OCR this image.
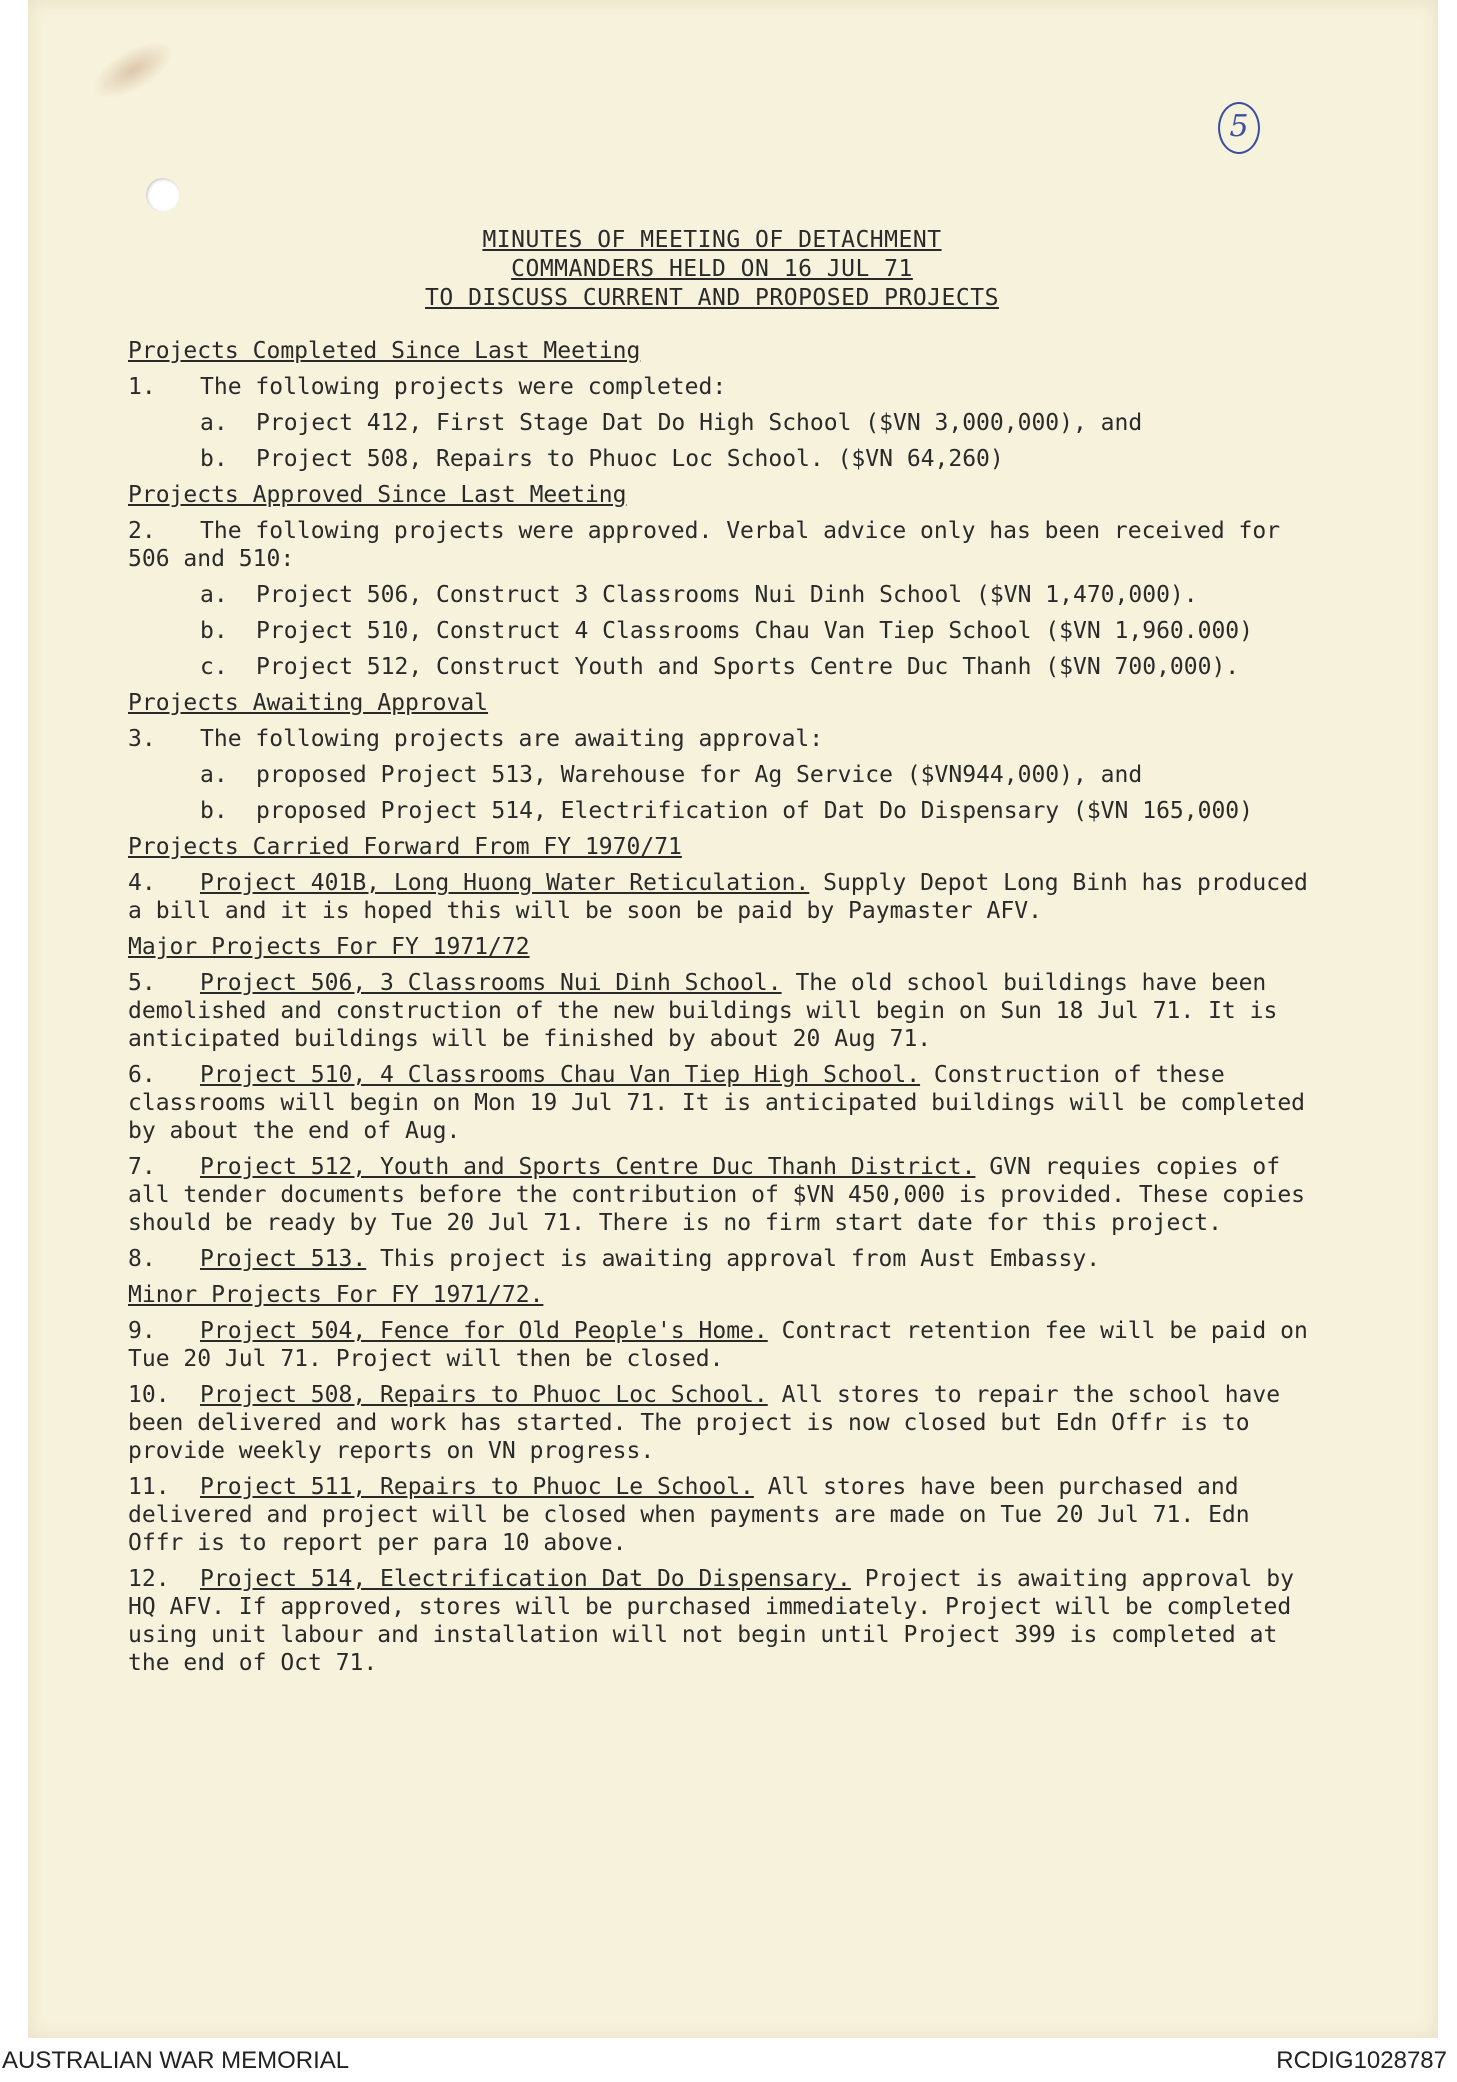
5
MINUTES OF MEETING OF DETACHMENT
COMMANDERS HELD ON 16 JUL 71
TO DISCUSS CURRENT AND PROPOSED PROJECTS
Projects Completed Since Last Meeting
1. The following projects were completed:
a. Project 412, First Stage Dat Do High School ($VN 3,000,000), and
b. Project 508, Repairs to Phuoc Loc School. ($VN 64,260)
Projects Approved Since Last Meeting
2. The following projects were approved. Verbal advice only has been received for 506 and 510:
a. Project 506, Construct 3 Classrooms Nui Dinh School ($VN 1,470,000).
b. Project 510, Construct 4 Classrooms Chau Van Tiep School ($VN 1,960.000)
c. Project 512, Construct Youth and Sports Centre Duc Thanh ($VN 700,000).
Projects Awaiting Approval
3. The following projects are awaiting approval:
a. proposed Project 513, Warehouse for Ag Service ($VN944,000), and
b. proposed Project 514, Electrification of Dat Do Dispensary ($VN 165,000)
Projects Carried Forward From FY 1970/71
4. Project 401B, Long Huong Water Reticulation. Supply Depot Long Binh has produced a bill and it is hoped this will be soon be paid by Paymaster AFV.
Major Projects For FY 1971/72
5. Project 506, 3 Classrooms Nui Dinh School. The old school buildings have been demolished and construction of the new buildings will begin on Sun 18 Jul 71. It is anticipated buildings will be finished by about 20 Aug 71.
6. Project 510, 4 Classrooms Chau Van Tiep High School. Construction of these classrooms will begin on Mon 19 Jul 71. It is anticipated buildings will be completed by about the end of Aug.
7. Project 512, Youth and Sports Centre Duc Thanh District. GVN requies copies of all tender documents before the contribution of $VN 450,000 is provided. These copies should be ready by Tue 20 Jul 71. There is no firm start date for this project.
8. Project 513. This project is awaiting approval from Aust Embassy.
Minor Projects For FY 1971/72.
9. Project 504, Fence for Old People's Home. Contract retention fee will be paid on Tue 20 Jul 71. Project will then be closed.
10. Project 508, Repairs to Phuoc Loc School. All stores to repair the school have been delivered and work has started. The project is now closed but Edn Offr is to provide weekly reports on VN progress.
11. Project 511, Repairs to Phuoc Le School. All stores have been purchased and delivered and project will be closed when payments are made on Tue 20 Jul 71. Edn Offr is to report per para 10 above.
12. Project 514, Electrification Dat Do Dispensary. Project is awaiting approval by HQ AFV. If approved, stores will be purchased immediately. Project will be completed using unit labour and installation will not begin until Project 399 is completed at the end of Oct 71.
AUSTRALIAN WAR MEMORIAL	RCDIG1028787
